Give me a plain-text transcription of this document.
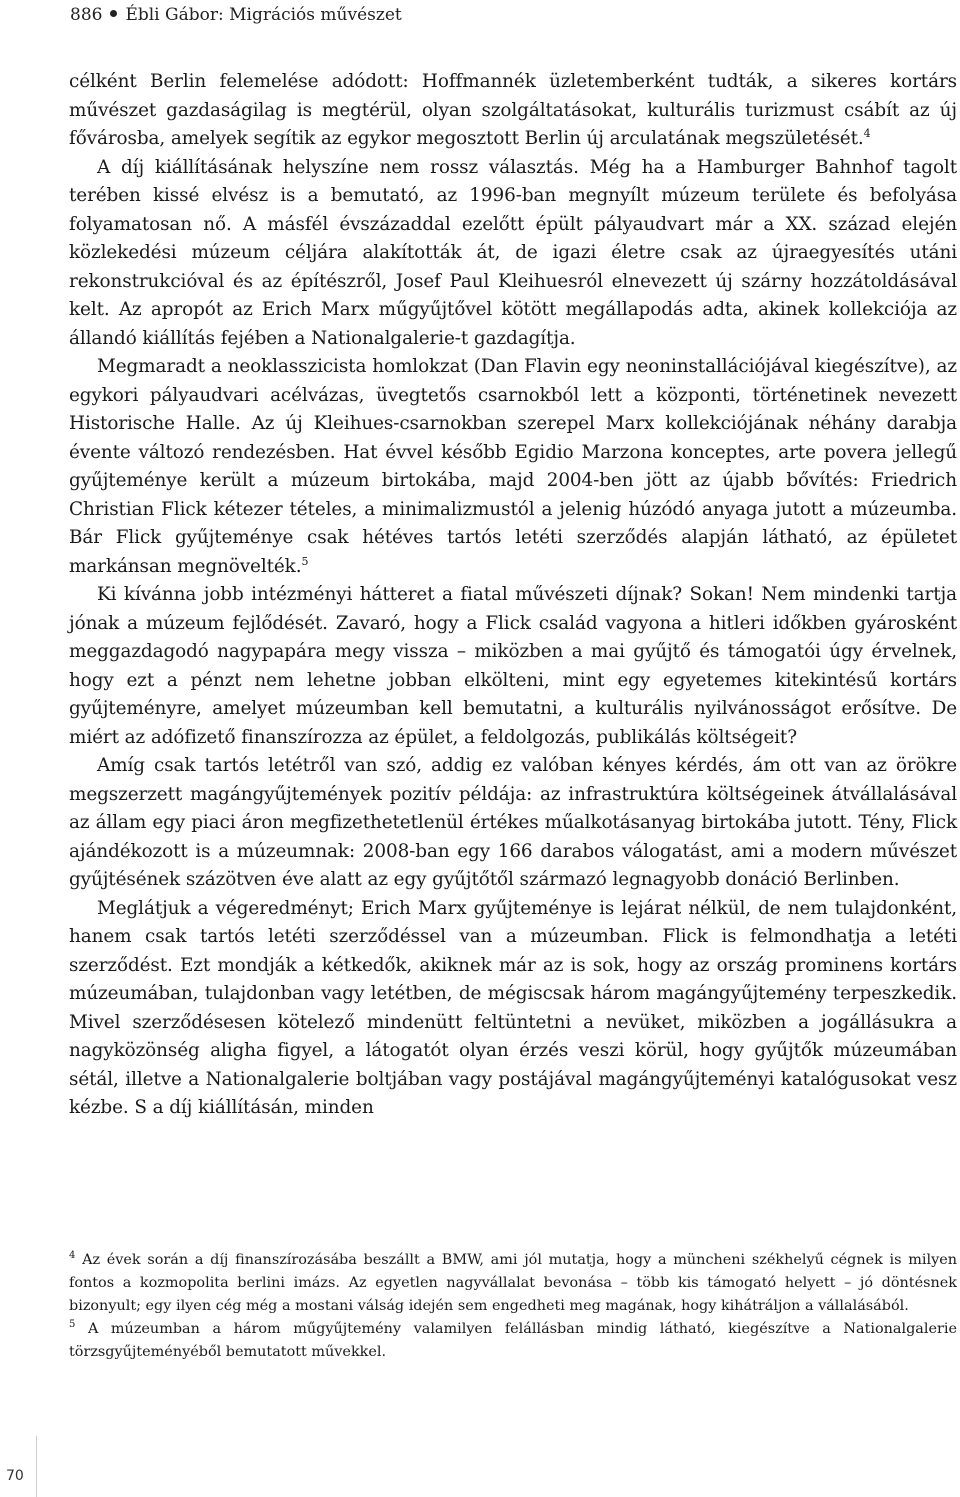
886 Ébli Gábor: Migrációs művészet

célként Berlin felemelése adódott: Hoffmannék üzletemberként tudták, a sikeres kortárs művészet gazdaságilag is megtérül, olyan szolgáltatásokat, kulturális turizmust csábít az új fővárosba, amelyek segítik az egykor megosztott Berlin új arculatának megszületését.$^4$

A díj kiállításának helyszíne nem rossz választás. Még ha a Hamburger Bahnhof tagolt terében kissé elvész is a bemutató, az 1996-ban megnyílt múzeum területe és befolyása folyamatosan nő. A másfél évszázaddal ezelőtt épült pályaudvart már a XX. század elején közlekedési múzeum céljára alakították át, de igazi életre csak az újraegyesítés utáni rekonstrukcióval és az építészről, Josef Paul Kleihuesról elnevezett új szárny hozzátoldásával kelt. Az apropót az Erich Marx műgyűjtővel kötött megállapodás adta, akinek kollekciója az állandó kiállítás fejében a Nationalgalerie-t gazdagítja.

Megmaradt a neoklasszicista homlokzat (Dan Flavin egy neoninstallációjával kiegészítve), az egykori pályaudvari acélvázas, üvegtetős csarnokból lett a központi, történetinek nevezett Historische Halle. Az új Kleihues-csarnokban szerepel Marx kollekciójának néhány darabja évente változó rendezésben. Hat évvel később Egidio Marzona konceptes, arte povera jellegű gyűjteménye került a múzeum birtokába, majd 2004-ben jött az újabb bővítés: Friedrich Christian Flick kétezer tételes, a minimalizmustól a jelenig húzódó anyaga jutott a múzeumba. Bár Flick gyűjteménye csak hétéves tartós letéti szerződés alapján látható, az épületet markánsan megnövelték.$^5$

Ki kívánna jobb intézményi hátteret a fiatal művészeti díjnak? Sokan! Nem mindenki tartja jónak a múzeum fejlődését. Zavaró, hogy a Flick család vagyona a hitleri időkben gyárosként meggazdagodó nagypapára megy vissza – miközben a mai gyűjtő és támogatói úgy érvelnek, hogy ezt a pénzt nem lehetne jobban elkölteni, mint egy egyetemes kitekintésű kortárs gyűjteményre, amelyet múzeumban kell bemutatni, a kulturális nyilvánosságot erősítve. De miért az adófizető finanszírozza az épület, a feldolgozás, publikálás költségeit?

Amíg csak tartós letétről van szó, addig ez valóban kényes kérdés, ám ott van az örökre megszerzett magángyűjtemények pozitív példája: az infrastruktúra költségeinek átvállalásával az állam egy piaci áron megfizethetetlenül értékes műalkotásanyag birtokába jutott. Tény, Flick ajándékozott is a múzeumnak: 2008-ban egy 166 darabos válogatást, ami a modern művészet gyűjtésének százötven éve alatt az egy gyűjtőtől származó legnagyobb donáció Berlinben.

Meglátjuk a végeredményt; Erich Marx gyűjteménye is lejárat nélkül, de nem tulajdonként, hanem csak tartós letéti szerződéssel van a múzeumban. Flick is felmondhatja a letéti szerződést. Ezt mondják a kétkedők, akiknek már az is sok, hogy az ország prominens kortárs múzeumában, tulajdonban vagy letétben, de mégiscsak három magángyűjtemény terpeszkedik. Mivel szerződésesen kötelező mindenütt feltüntetni a nevüket, miközben a jogállásukra a nagyközönség aligha figyel, a látogatót olyan érzés veszi körül, hogy gyűjtők múzeumában sétál, illetve a Nationalgalerie boltjában vagy postájával magángyűjteményi katalógusokat vesz kézbe. S a díj kiállításán, minden

$^4$ Az évek során a díj finanszírozásába beszállt a BMW, ami jól mutatja, hogy a müncheni székhelyű cégnek is milyen fontos a kozmopolita berlini imázs. Az egyetlen nagyvállalat bevonása – több kis támogató helyett – jó döntésnek bizonyult; egy ilyen cég még a mostani válság idején sem engedheti meg magának, hogy kihátráljon a vállalásából.

$^5$ A múzeumban a három műgyűjtemény valamilyen felállásban mindig látható, kiegészítve a Nationalgalerie törzsgyűjteményéből bemutatott művekkel.

70
